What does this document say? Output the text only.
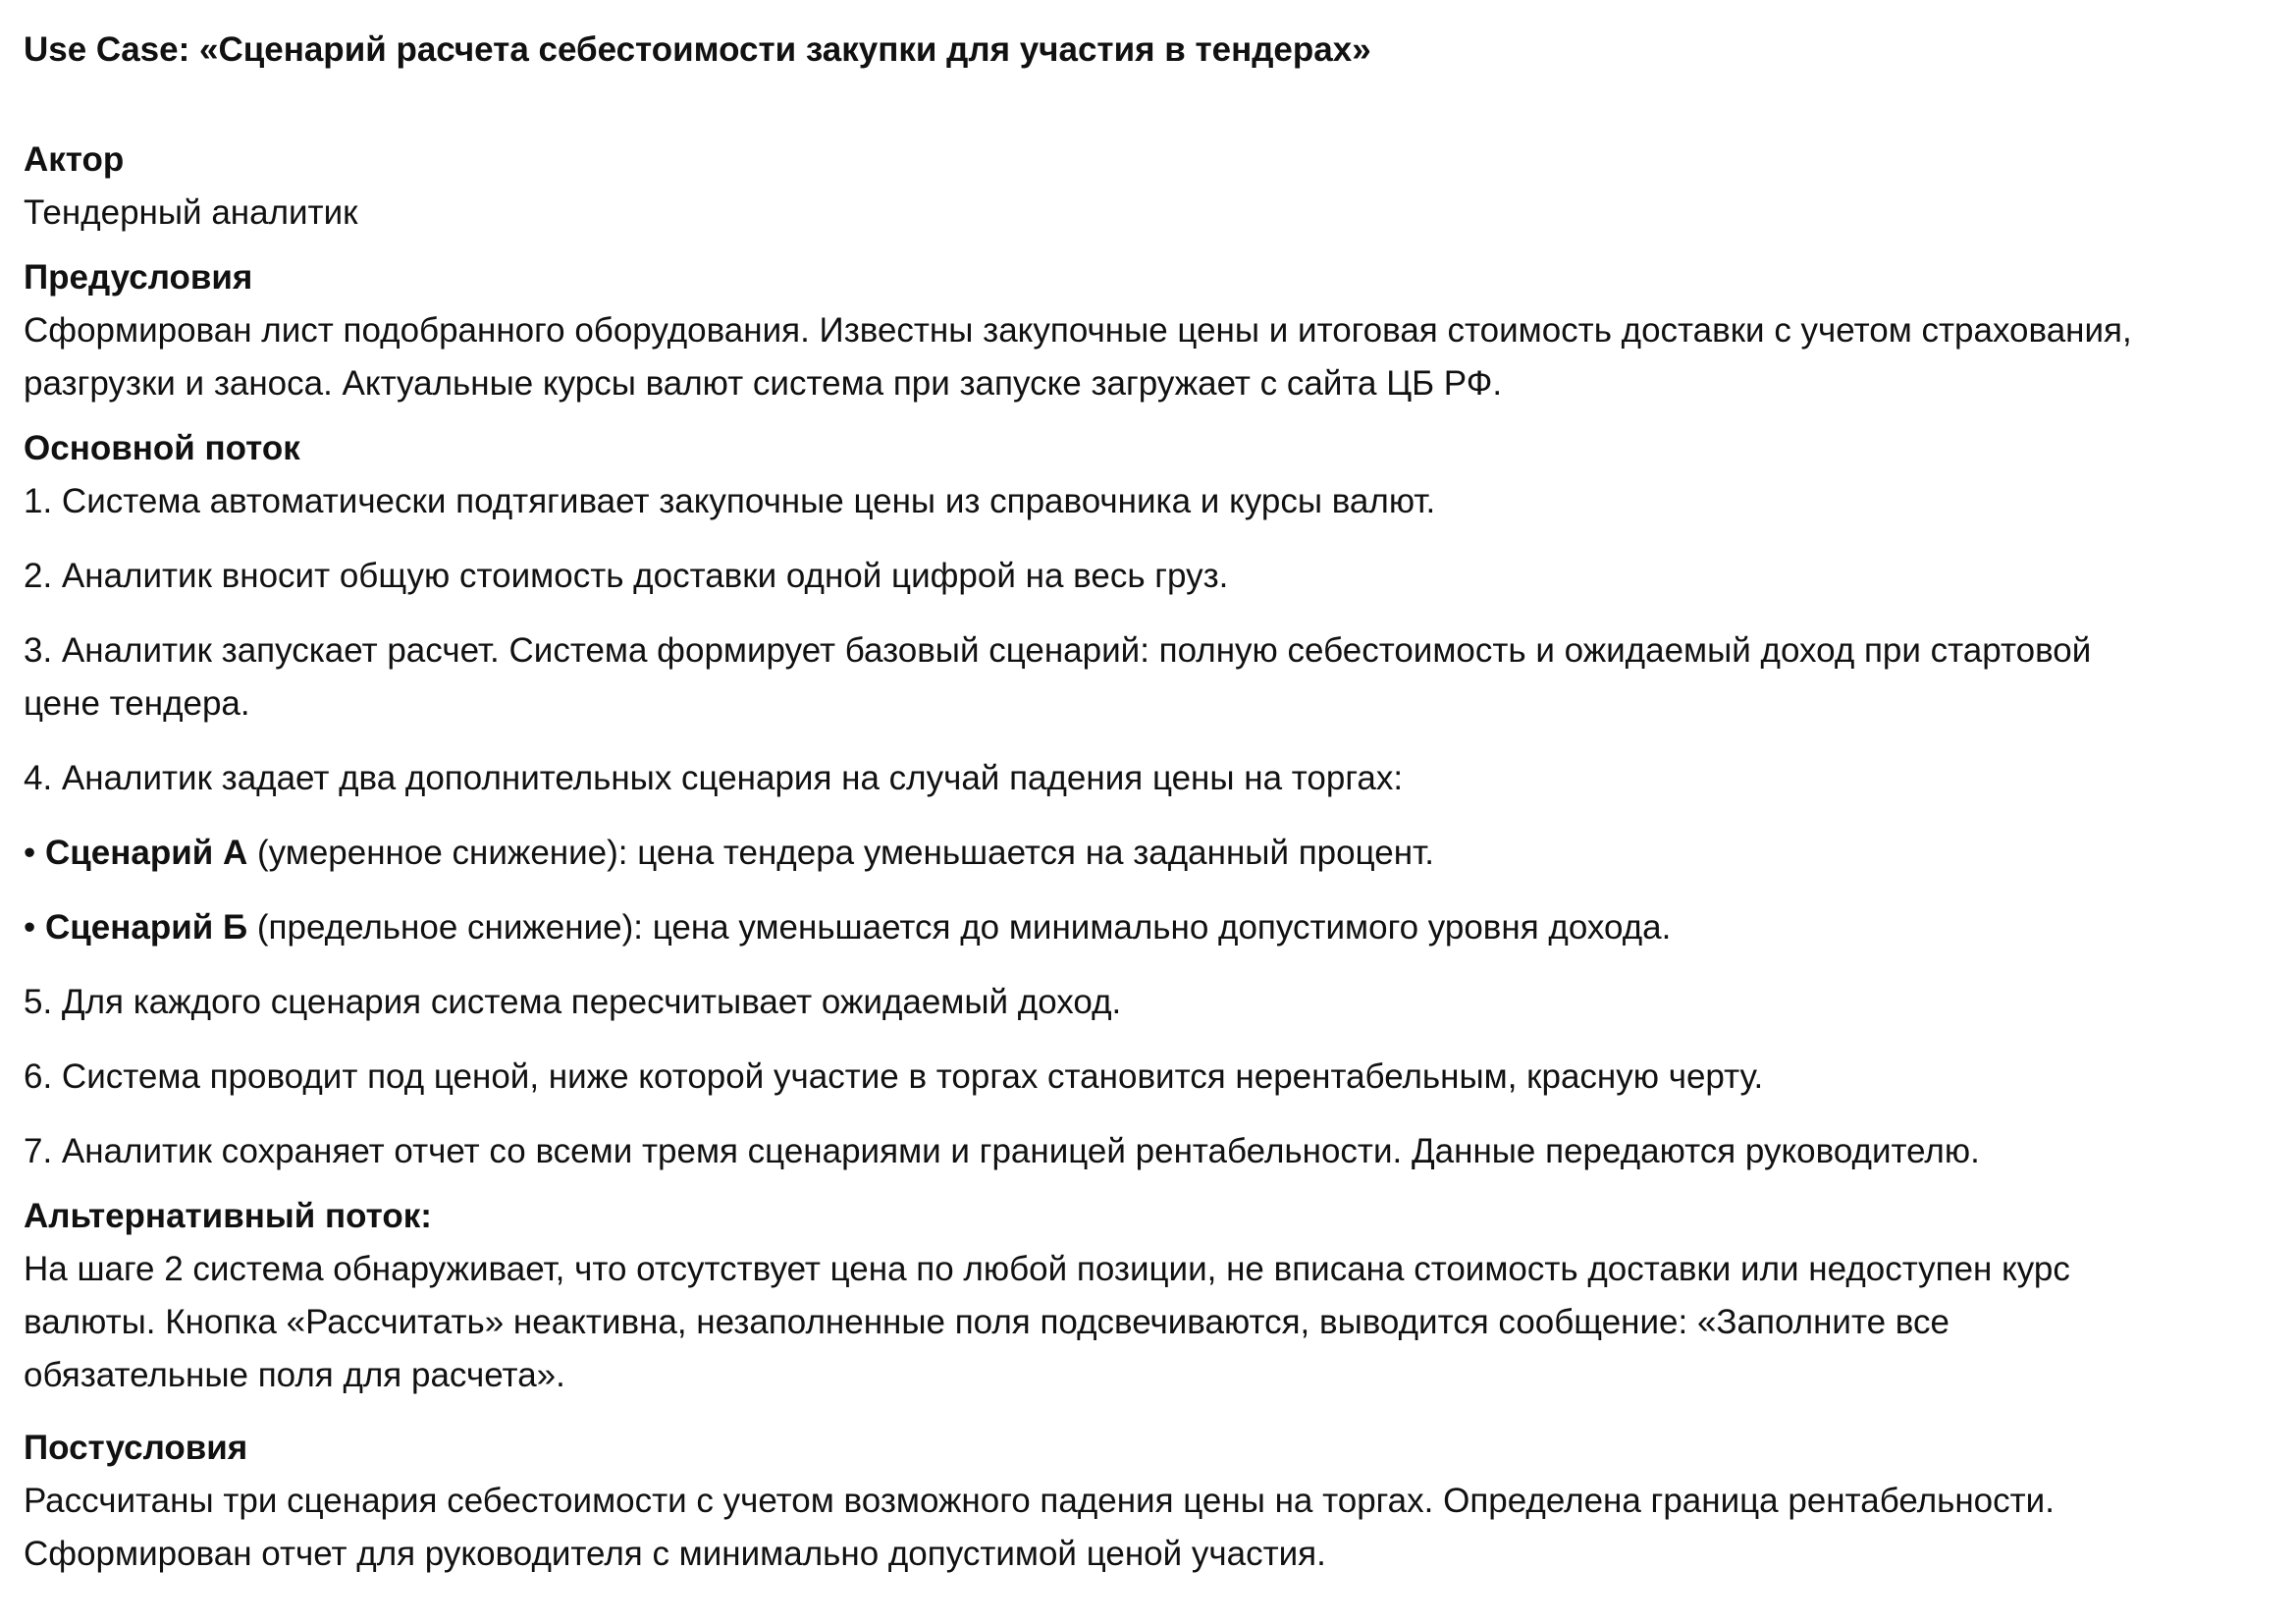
Use Case: «Сценарий расчета себестоимости закупки для участия в тендерах»

Актор

Тендерный аналитик

Предусловия

Сформирован лист подобранного оборудования. Известны закупочные цены и итоговая стоимость доставки с учетом страхования,

разгрузки и заноса. Актуальные курсы валют система при запуске загружает с сайта ЦБ РФ.

Основной поток

1. Система автоматически подтягивает закупочные цены из справочника и курсы валют.

2. Аналитик вносит общую стоимость доставки одной цифрой на весь груз.

3. Аналитик запускает расчет. Система формирует базовый сценарий: полную себестоимость и ожидаемый доход при стартовой

цене тендера.

4. Аналитик задает два дополнительных сценария на случай падения цены на торгах:

• Сценарий А (умеренное снижение): цена тендера уменьшается на заданный процент.

• Сценарий Б (предельное снижение): цена уменьшается до минимально допустимого уровня дохода.

5. Для каждого сценария система пересчитывает ожидаемый доход.

6. Система проводит под ценой, ниже которой участие в торгах становится нерентабельным, красную черту.

7. Аналитик сохраняет отчет со всеми тремя сценариями и границей рентабельности. Данные передаются руководителю.

Альтернативный поток:

На шаге 2 система обнаруживает, что отсутствует цена по любой позиции, не вписана стоимость доставки или недоступен курс

валюты. Кнопка «Рассчитать» неактивна, незаполненные поля подсвечиваются, выводится сообщение: «Заполните все

обязательные поля для расчета».

Постусловия

Рассчитаны три сценария себестоимости с учетом возможного падения цены на торгах. Определена граница рентабельности.

Сформирован отчет для руководителя с минимально допустимой ценой участия.
